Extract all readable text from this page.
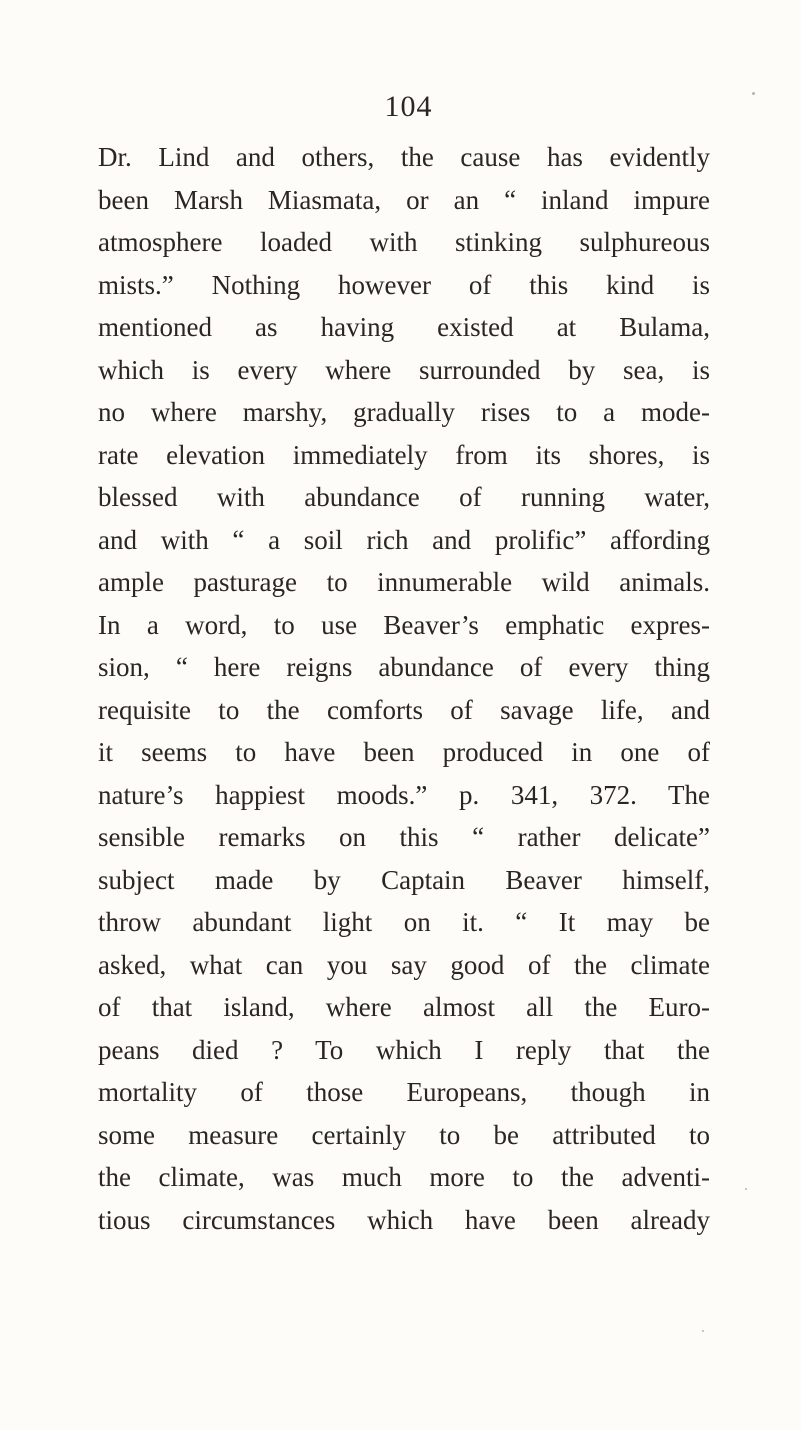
104
Dr. Lind and others, the cause has evidently
been Marsh Miasmata, or an “ inland impure
atmosphere loaded with stinking sulphureous
mists.” Nothing however of this kind is
mentioned as having existed at Bulama,
which is every where surrounded by sea, is
no where marshy, gradually rises to a mode-
rate elevation immediately from its shores, is
blessed with abundance of running water,
and with “ a soil rich and prolific” affording
ample pasturage to innumerable wild animals.
In a word, to use Beaver’s emphatic expres-
sion, “ here reigns abundance of every thing
requisite to the comforts of savage life, and
it seems to have been produced in one of
nature’s happiest moods.” p. 341, 372. The
sensible remarks on this “ rather delicate”
subject made by Captain Beaver himself,
throw abundant light on it. “ It may be
asked, what can you say good of the climate
of that island, where almost all the Euro-
peans died ? To which I reply that the
mortality of those Europeans, though in
some measure certainly to be attributed to
the climate, was much more to the adventi-
tious circumstances which have been already
